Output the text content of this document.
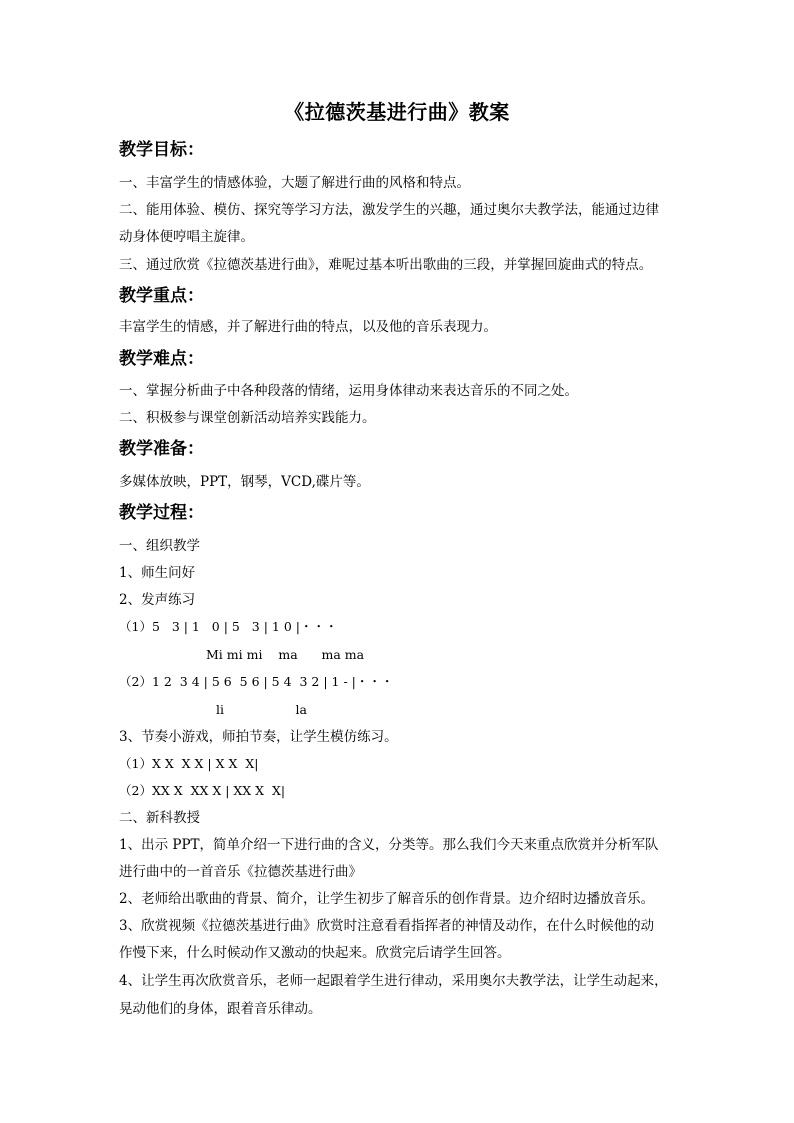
《拉德茨基进行曲》教案
教学目标：
一、丰富学生的情感体验，大题了解进行曲的风格和特点。
二、能用体验、模仿、探究等学习方法，激发学生的兴趣，通过奥尔夫教学法，能通过边律
动身体便哼唱主旋律。
三、通过欣赏《拉德茨基进行曲》，难呢过基本听出歌曲的三段，并掌握回旋曲式的特点。
教学重点：
丰富学生的情感，并了解进行曲的特点，以及他的音乐表现力。
教学难点：
一、掌握分析曲子中各种段落的情绪，运用身体律动来表达音乐的不同之处。
二、积极参与课堂创新活动培养实践能力。
教学准备：
多媒体放映，PPT，钢琴，VCD,碟片等。
教学过程：
一、组织教学
1、师生问好
2、发声练习
（1）5   3 | 1   0 | 5   3 | 1 0 |・・・
Mi mi mi    ma      ma ma
（2）1 2  3 4 | 5 6  5 6 | 5 4  3 2 | 1 - |・・・
li                  la
3、节奏小游戏，师拍节奏，让学生模仿练习。
（1）X X  X X | X X  X|
（2）XX X  XX X | XX X  X|
二、新科教授
1、出示 PPT，简单介绍一下进行曲的含义，分类等。那么我们今天来重点欣赏并分析军队
进行曲中的一首音乐《拉德茨基进行曲》
2、老师给出歌曲的背景、简介，让学生初步了解音乐的创作背景。边介绍时边播放音乐。
3、欣赏视频《拉德茨基进行曲》欣赏时注意看看指挥者的神情及动作，在什么时候他的动
作慢下来，什么时候动作又激动的快起来。欣赏完后请学生回答。
4、让学生再次欣赏音乐，老师一起跟着学生进行律动，采用奥尔夫教学法，让学生动起来，
晃动他们的身体，跟着音乐律动。
